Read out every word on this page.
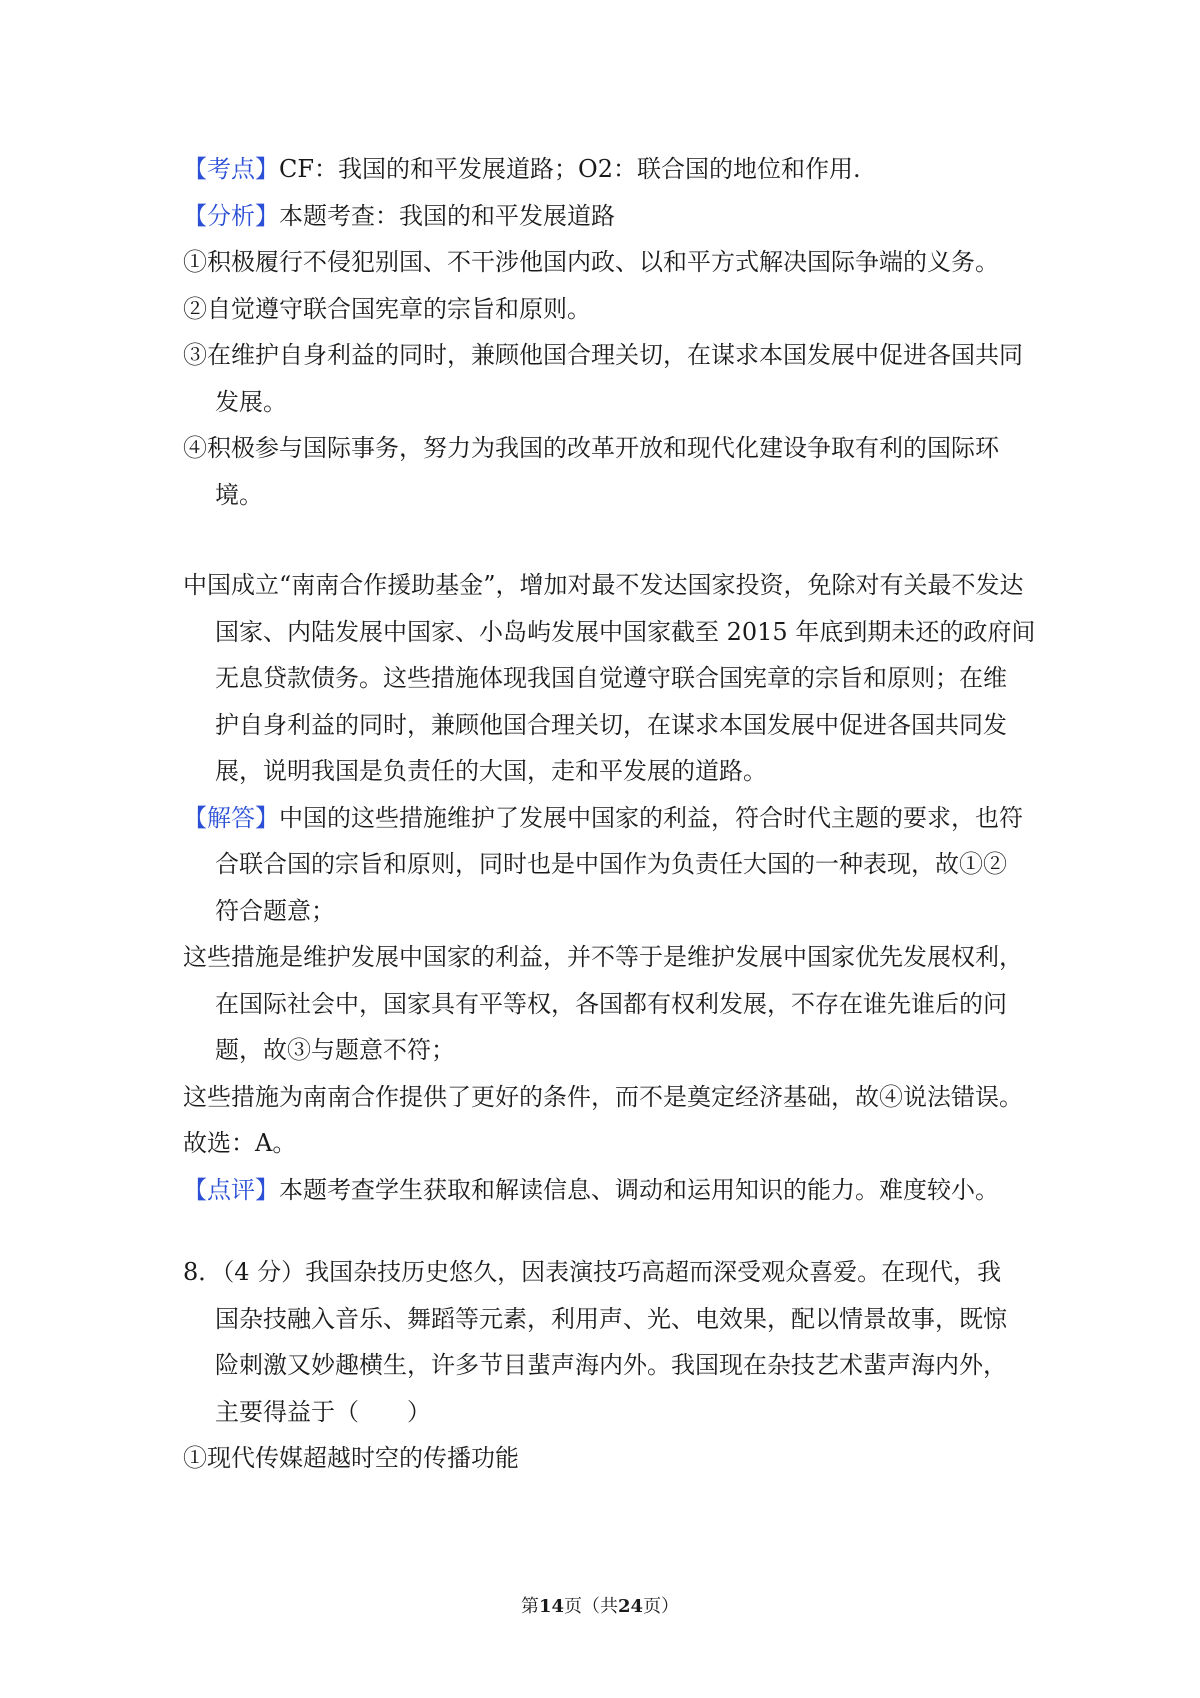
【考点】CF：我国的和平发展道路；O2：联合国的地位和作用.
【分析】本题考查：我国的和平发展道路
①积极履行不侵犯别国、不干涉他国内政、以和平方式解决国际争端的义务。
②自觉遵守联合国宪章的宗旨和原则。
③在维护自身利益的同时，兼顾他国合理关切，在谋求本国发展中促进各国共同
发展。
④积极参与国际事务，努力为我国的改革开放和现代化建设争取有利的国际环
境。
中国成立“南南合作援助基金”，增加对最不发达国家投资，免除对有关最不发达
国家、内陆发展中国家、小岛屿发展中国家截至 2015 年底到期未还的政府间
无息贷款债务。这些措施体现我国自觉遵守联合国宪章的宗旨和原则；在维
护自身利益的同时，兼顾他国合理关切，在谋求本国发展中促进各国共同发
展，说明我国是负责任的大国，走和平发展的道路。
【解答】中国的这些措施维护了发展中国家的利益，符合时代主题的要求，也符
合联合国的宗旨和原则，同时也是中国作为负责任大国的一种表现，故①②
符合题意；
这些措施是维护发展中国家的利益，并不等于是维护发展中国家优先发展权利，
在国际社会中，国家具有平等权，各国都有权利发展，不存在谁先谁后的问
题，故③与题意不符；
这些措施为南南合作提供了更好的条件，而不是奠定经济基础，故④说法错误。
故选：A。
【点评】本题考查学生获取和解读信息、调动和运用知识的能力。难度较小。
8．（4 分）我国杂技历史悠久，因表演技巧高超而深受观众喜爱。在现代，我
国杂技融入音乐、舞蹈等元素，利用声、光、电效果，配以情景故事，既惊
险刺激又妙趣横生，许多节目蜚声海内外。我国现在杂技艺术蜚声海内外，
主要得益于（　　）
①现代传媒超越时空的传播功能
第14页（共24页）
